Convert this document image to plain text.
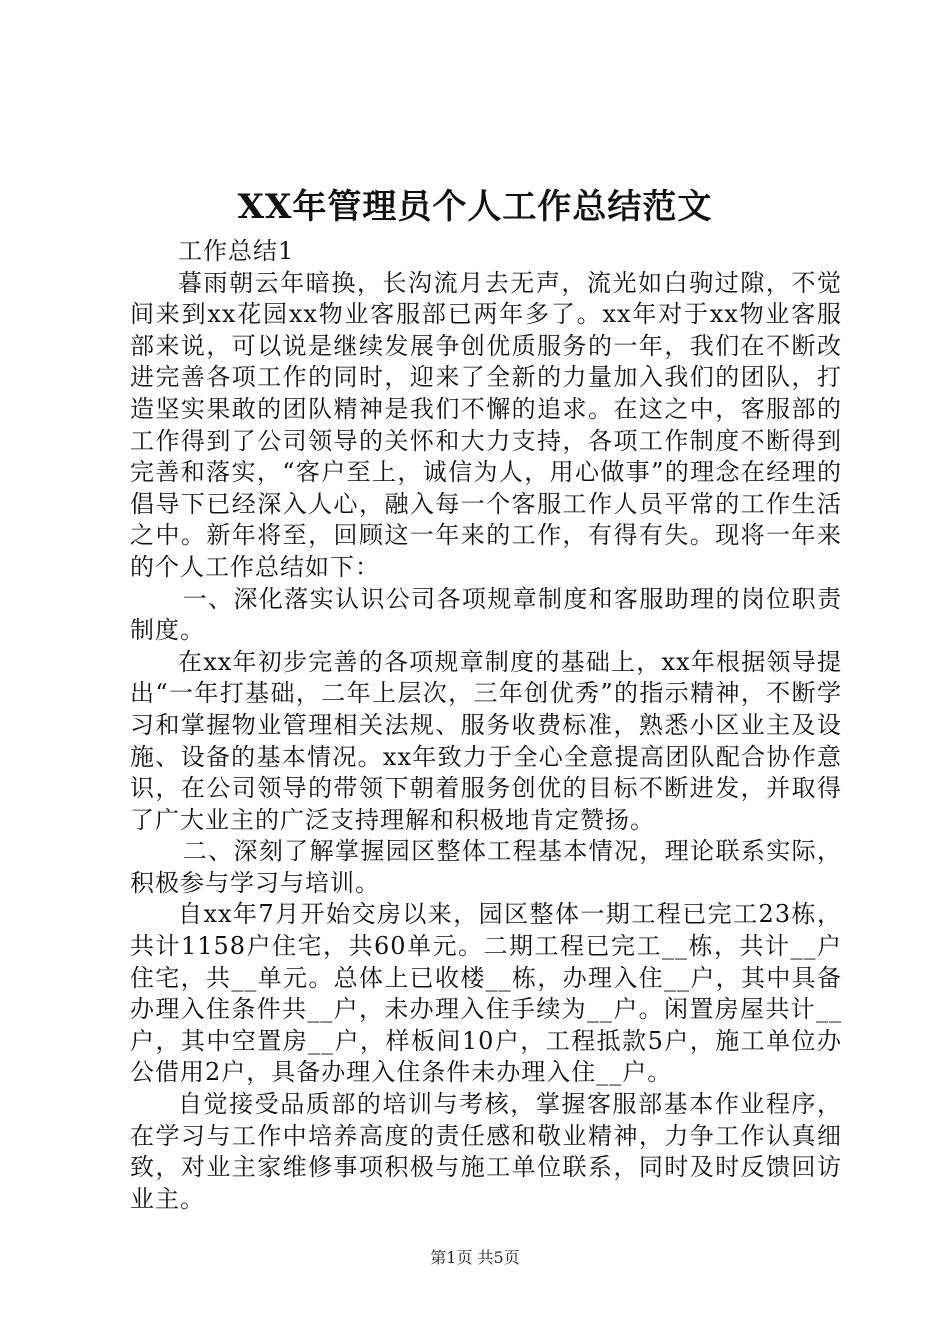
XX年管理员个人工作总结范文

工作总结1

暮雨朝云年暗换，长沟流月去无声，流光如白驹过隙，不觉间来到xx花园xx物业客服部已两年多了。xx年对于xx物业客服部来说，可以说是继续发展争创优质服务的一年，我们在不断改进完善各项工作的同时，迎来了全新的力量加入我们的团队，打造坚实果敢的团队精神是我们不懈的追求。在这之中，客服部的工作得到了公司领导的关怀和大力支持，各项工作制度不断得到完善和落实，“客户至上，诚信为人，用心做事”的理念在经理的倡导下已经深入人心，融入每一个客服工作人员平常的工作生活之中。新年将至，回顾这一年来的工作，有得有失。现将一年来的个人工作总结如下：

一、深化落实认识公司各项规章制度和客服助理的岗位职责制度。

在xx年初步完善的各项规章制度的基础上，xx年根据领导提出“一年打基础，二年上层次，三年创优秀”的指示精神，不断学习和掌握物业管理相关法规、服务收费标准，熟悉小区业主及设施、设备的基本情况。xx年致力于全心全意提高团队配合协作意识，在公司领导的带领下朝着服务创优的目标不断进发，并取得了广大业主的广泛支持理解和积极地肯定赞扬。

二、深刻了解掌握园区整体工程基本情况，理论联系实际，积极参与学习与培训。

自xx年7月开始交房以来，园区整体一期工程已完工23栋，共计1158户住宅，共60单元。二期工程已完工__栋，共计__户住宅，共__单元。总体上已收楼__栋，办理入住__户，其中具备办理入住条件共__户，未办理入住手续为__户。闲置房屋共计__户，其中空置房__户，样板间10户，工程抵款5户，施工单位办公借用2户，具备办理入住条件未办理入住__户。

自觉接受品质部的培训与考核，掌握客服部基本作业程序，在学习与工作中培养高度的责任感和敬业精神，力争工作认真细致，对业主家维修事项积极与施工单位联系，同时及时反馈回访业主。

第1页 共5页
